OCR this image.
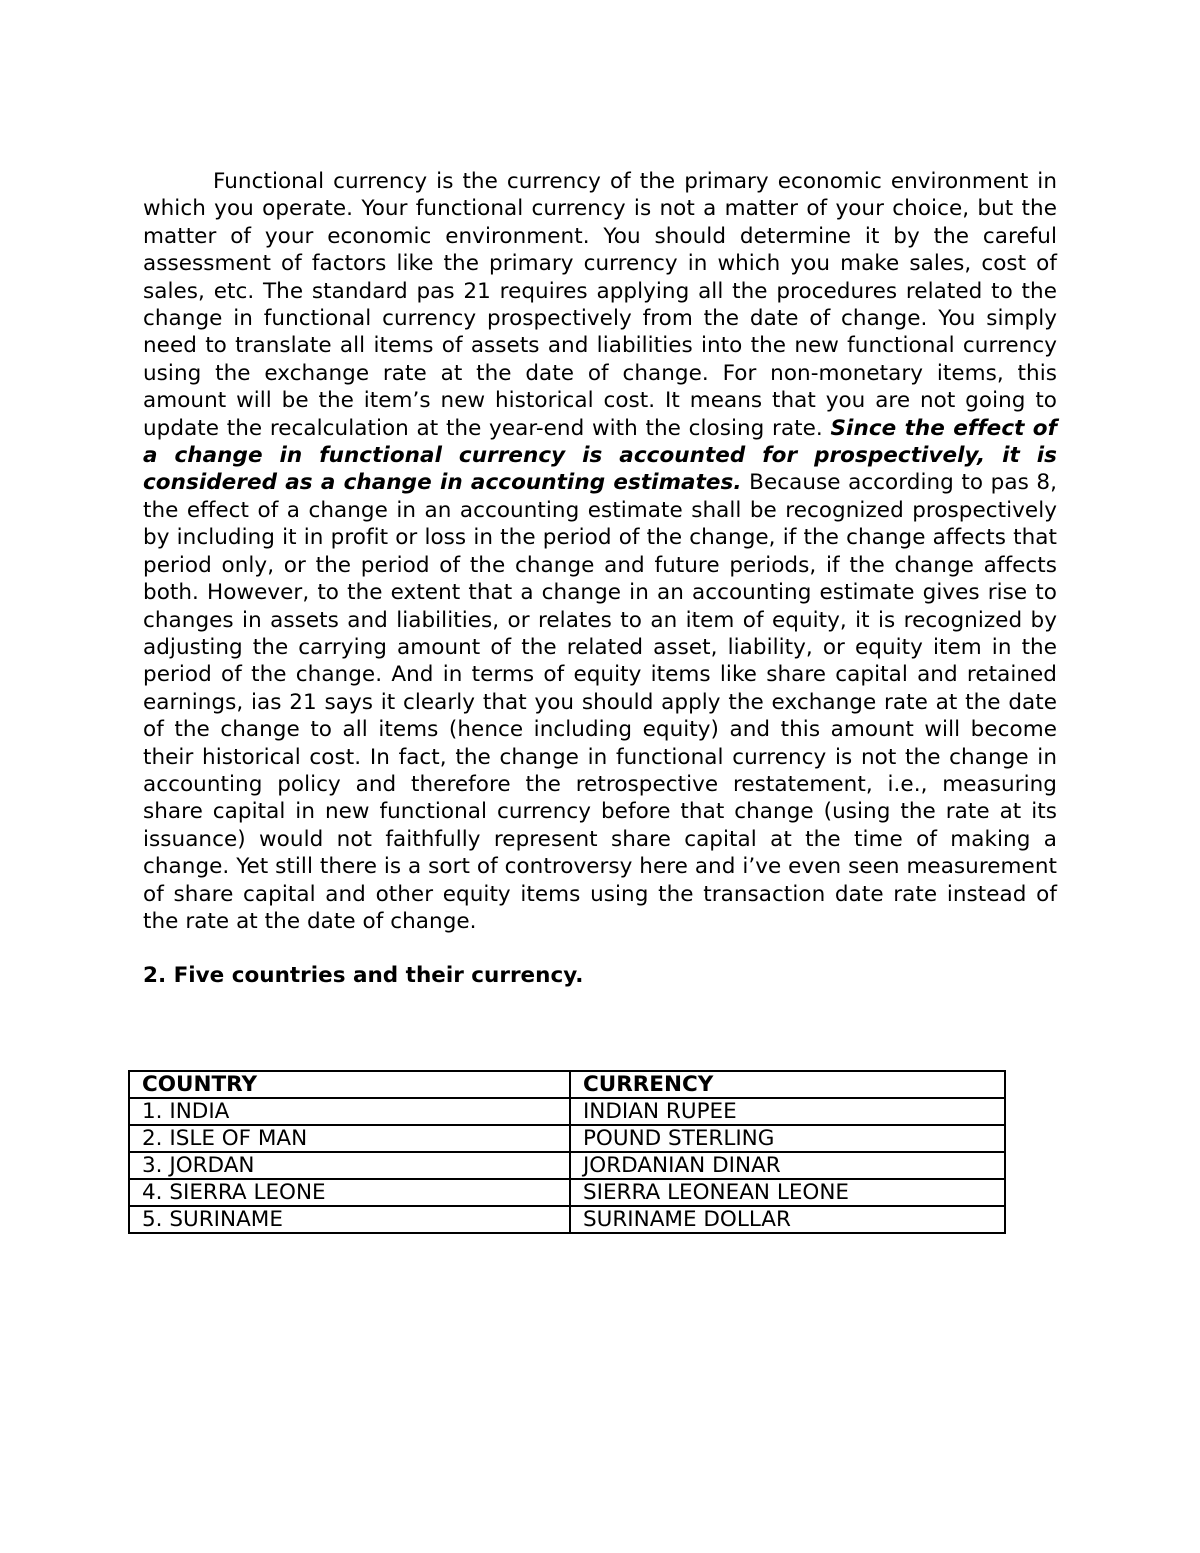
Functional currency is the currency of the primary economic environment in which you operate. Your functional currency is not a matter of your choice, but the matter of your economic environment. You should determine it by the careful assessment of factors like the primary currency in which you make sales, cost of sales, etc. The standard pas 21 requires applying all the procedures related to the change in functional currency prospectively from the date of change. You simply need to translate all items of assets and liabilities into the new functional currency using the exchange rate at the date of change. For non-monetary items, this amount will be the item’s new historical cost. It means that you are not going to update the recalculation at the year-end with the closing rate. Since the effect of a change in functional currency is accounted for prospectively, it is considered as a change in accounting estimates. Because according to pas 8, the effect of a change in an accounting estimate shall be recognized prospectively by including it in profit or loss in the period of the change, if the change affects that period only, or the period of the change and future periods, if the change affects both. However, to the extent that a change in an accounting estimate gives rise to changes in assets and liabilities, or relates to an item of equity, it is recognized by adjusting the carrying amount of the related asset, liability, or equity item in the period of the change. And in terms of equity items like share capital and retained earnings, ias 21 says it clearly that you should apply the exchange rate at the date of the change to all items (hence including equity) and this amount will become their historical cost. In fact, the change in functional currency is not the change in accounting policy and therefore the retrospective restatement, i.e., measuring share capital in new functional currency before that change (using the rate at its issuance) would not faithfully represent share capital at the time of making a change. Yet still there is a sort of controversy here and i’ve even seen measurement of share capital and other equity items using the transaction date rate instead of the rate at the date of change.

2. Five countries and their currency.

COUNTRY	CURRENCY
1. INDIA	INDIAN RUPEE
2. ISLE OF MAN	POUND STERLING
3. JORDAN	JORDANIAN DINAR
4. SIERRA LEONE	SIERRA LEONEAN LEONE
5. SURINAME	SURINAME DOLLAR
